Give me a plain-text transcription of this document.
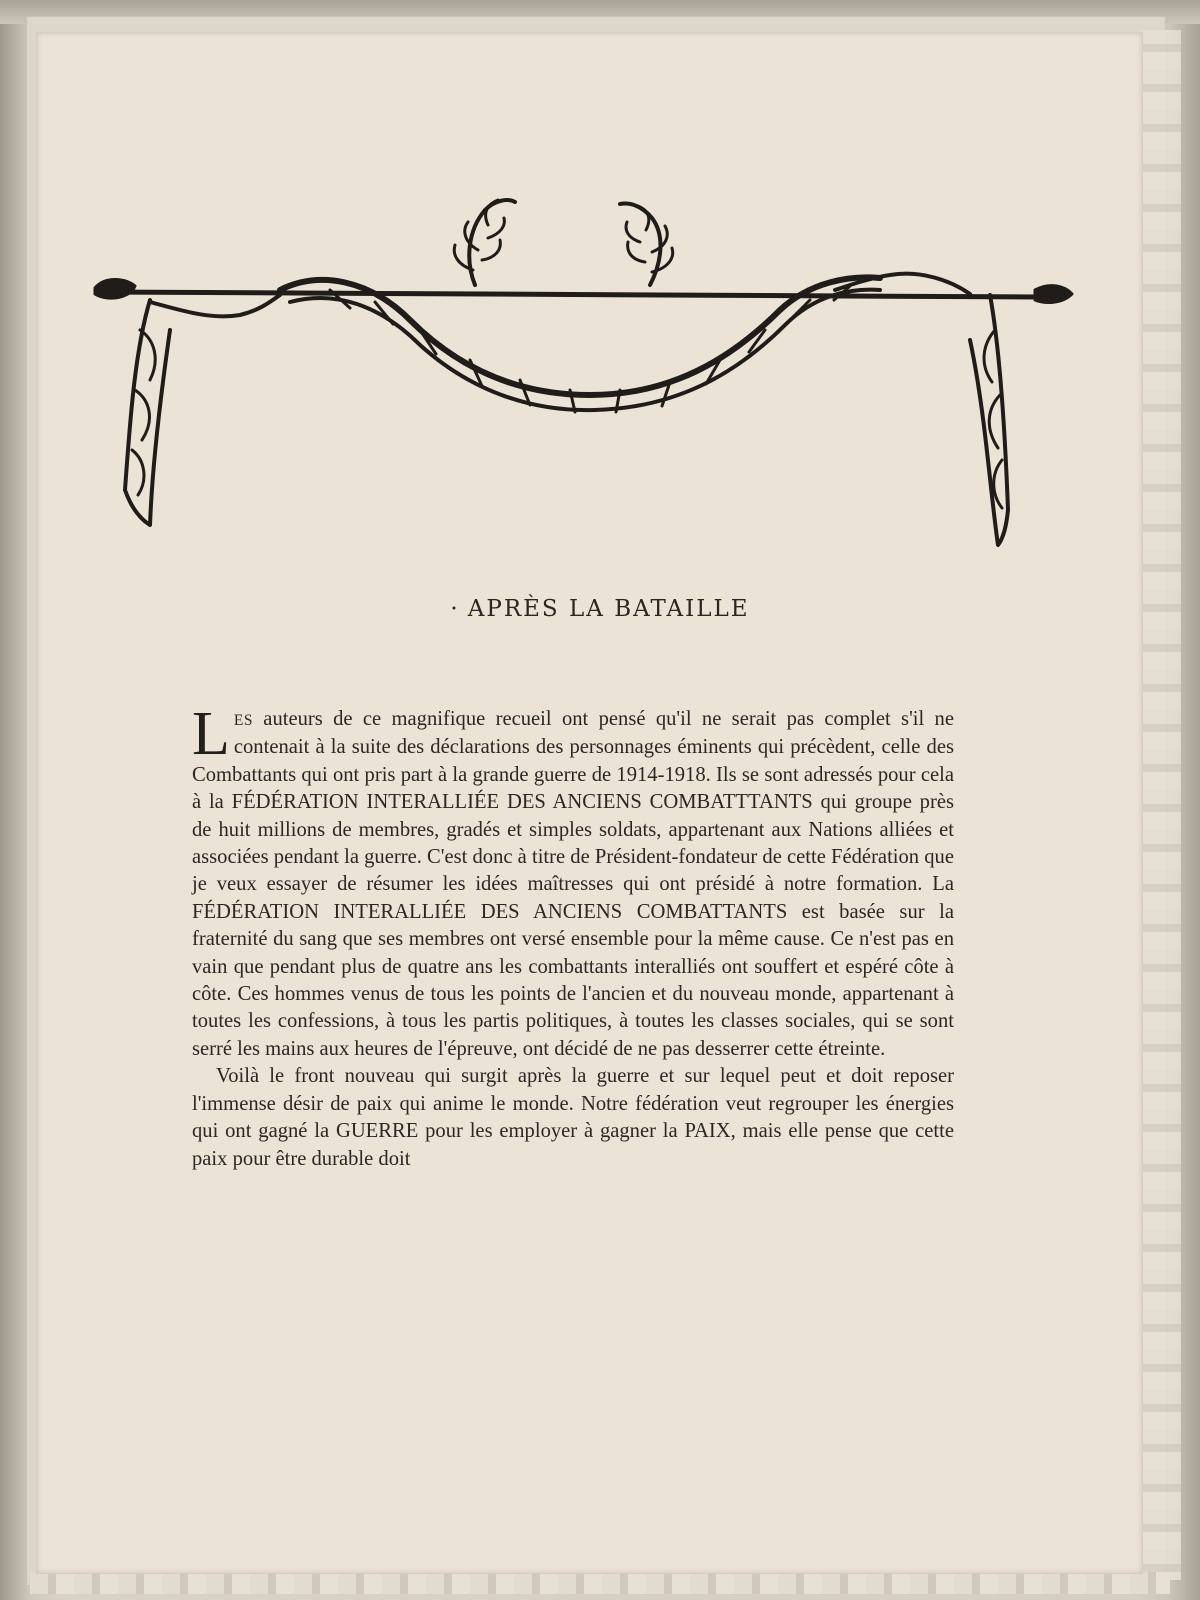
· APRÈS LA BATAILLE

LES auteurs de ce magnifique recueil ont pensé qu'il ne serait pas complet s'il ne contenait à la suite des déclarations des personnages éminents qui précèdent, celle des Combattants qui ont pris part à la grande guerre de 1914-1918. Ils se sont adressés pour cela à la FÉDÉRATION INTERALLIÉE DES ANCIENS COMBATTTANTS qui groupe près de huit millions de membres, gradés et simples soldats, appartenant aux Nations alliées et associées pendant la guerre. C'est donc à titre de Président-fondateur de cette Fédération que je veux essayer de résumer les idées maîtresses qui ont présidé à notre formation. La FÉDÉRATION INTERALLIÉE DES ANCIENS COMBATTANTS est basée sur la fraternité du sang que ses membres ont versé ensemble pour la même cause. Ce n'est pas en vain que pendant plus de quatre ans les combattants interalliés ont souffert et espéré côte à côte. Ces hommes venus de tous les points de l'ancien et du nouveau monde, appartenant à toutes les confessions, à tous les partis politiques, à toutes les classes sociales, qui se sont serré les mains aux heures de l'épreuve, ont décidé de ne pas desserrer cette étreinte.

Voilà le front nouveau qui surgit après la guerre et sur lequel peut et doit reposer l'immense désir de paix qui anime le monde. Notre fédération veut regrouper les énergies qui ont gagné la GUERRE pour les employer à gagner la PAIX, mais elle pense que cette paix pour être durable doit
